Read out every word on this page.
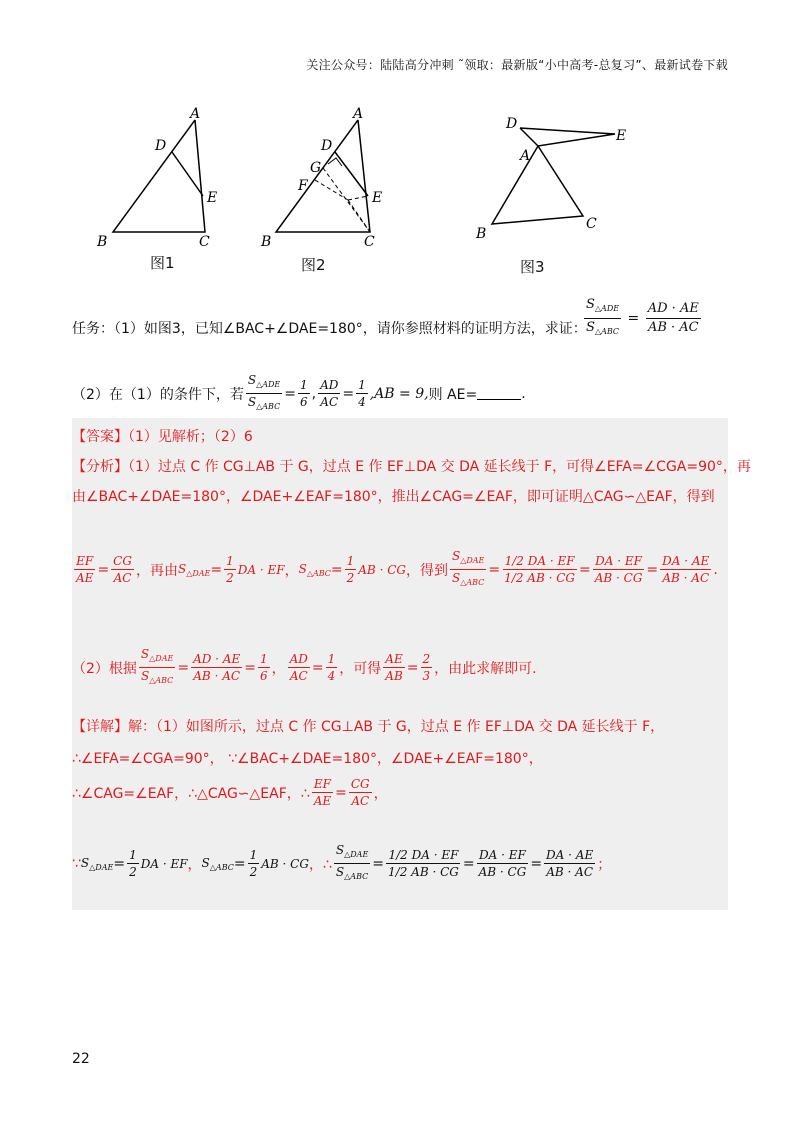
关注公众号：陆陆高分冲刺 ˜领取：最新版“小中高考-总复习”、最新试卷下载
A
D
E
B	C
图1
A
D
G
F
E
B	C
图2
D
E
A
B
C
图3
任务：（1）如图3，已知∠BAC+∠DAE=180°，请你参照材料的证明方法，求证：
$\frac{S_{\triangle ADE}}{S_{\triangle ABC}} = \frac{AD \cdot AE}{AB \cdot AC}$
（2）在（1）的条件下，若 $\frac{S_{\triangle ADE}}{S_{\triangle ABC}} = \frac{1}{6}$ , $\frac{AD}{AC} = \frac{1}{4} ,AB = 9$, 则 AE=	.
【答案】（1）见解析；（2）6
【分析】（1）过点 C 作 CG⊥AB 于 G，过点 E 作 EF⊥DA 交 DA 延长线于 F，可得∠EFA=∠CGA=90°，再
由∠BAC+∠DAE=180°，∠DAE+∠EAF=180°，推出∠CAG=∠EAF，即可证明△CAG∽△EAF，得到
$\frac{EF}{AE} = \frac{CG}{AC}$ ，再由 $S_{\triangle DAE} = \frac{1}{2}$ DA · EF ， $S_{\triangle ABC} = \frac{1}{2}$ AB · CG ，得到 $\frac{S_{\triangle DAE}}{S_{\triangle ABC}} = \frac{1/2 DA \cdot EF}{1/2 AB \cdot CG} = \frac{DA \cdot EF}{AB \cdot CG} = \frac{DA \cdot AE}{AB \cdot AC}$ .
（2）根据 $\frac{S_{\triangle DAE}}{S_{\triangle ABC}} = \frac{AD \cdot AE}{AB \cdot AC} = \frac{1}{6}$ ， $\frac{AD}{AC} = \frac{1}{4}$ ，可得 $\frac{AE}{AB} = \frac{2}{3}$ ，由此求解即可.
【详解】解：（1）如图所示，过点 C 作 CG⊥AB 于 G，过点 E 作 EF⊥DA 交 DA 延长线于 F，
∴∠EFA=∠CGA=90°， ∵∠BAC+∠DAE=180°，∠DAE+∠EAF=180°，
∴∠CAG=∠EAF，∴△CAG∽△EAF，∴ $\frac{EF}{AE} = \frac{CG}{AC}$ ，
∵ $S_{\triangle DAE} = \frac{1}{2}$ DA · EF ， $S_{\triangle ABC} = \frac{1}{2}$ AB · CG ，∴ $\frac{S_{\triangle DAE}}{S_{\triangle ABC}} = \frac{1/2 DA \cdot EF}{1/2 AB \cdot CG} = \frac{DA \cdot EF}{AB \cdot CG} = \frac{DA \cdot AE}{AB \cdot AC}$ ；
22
